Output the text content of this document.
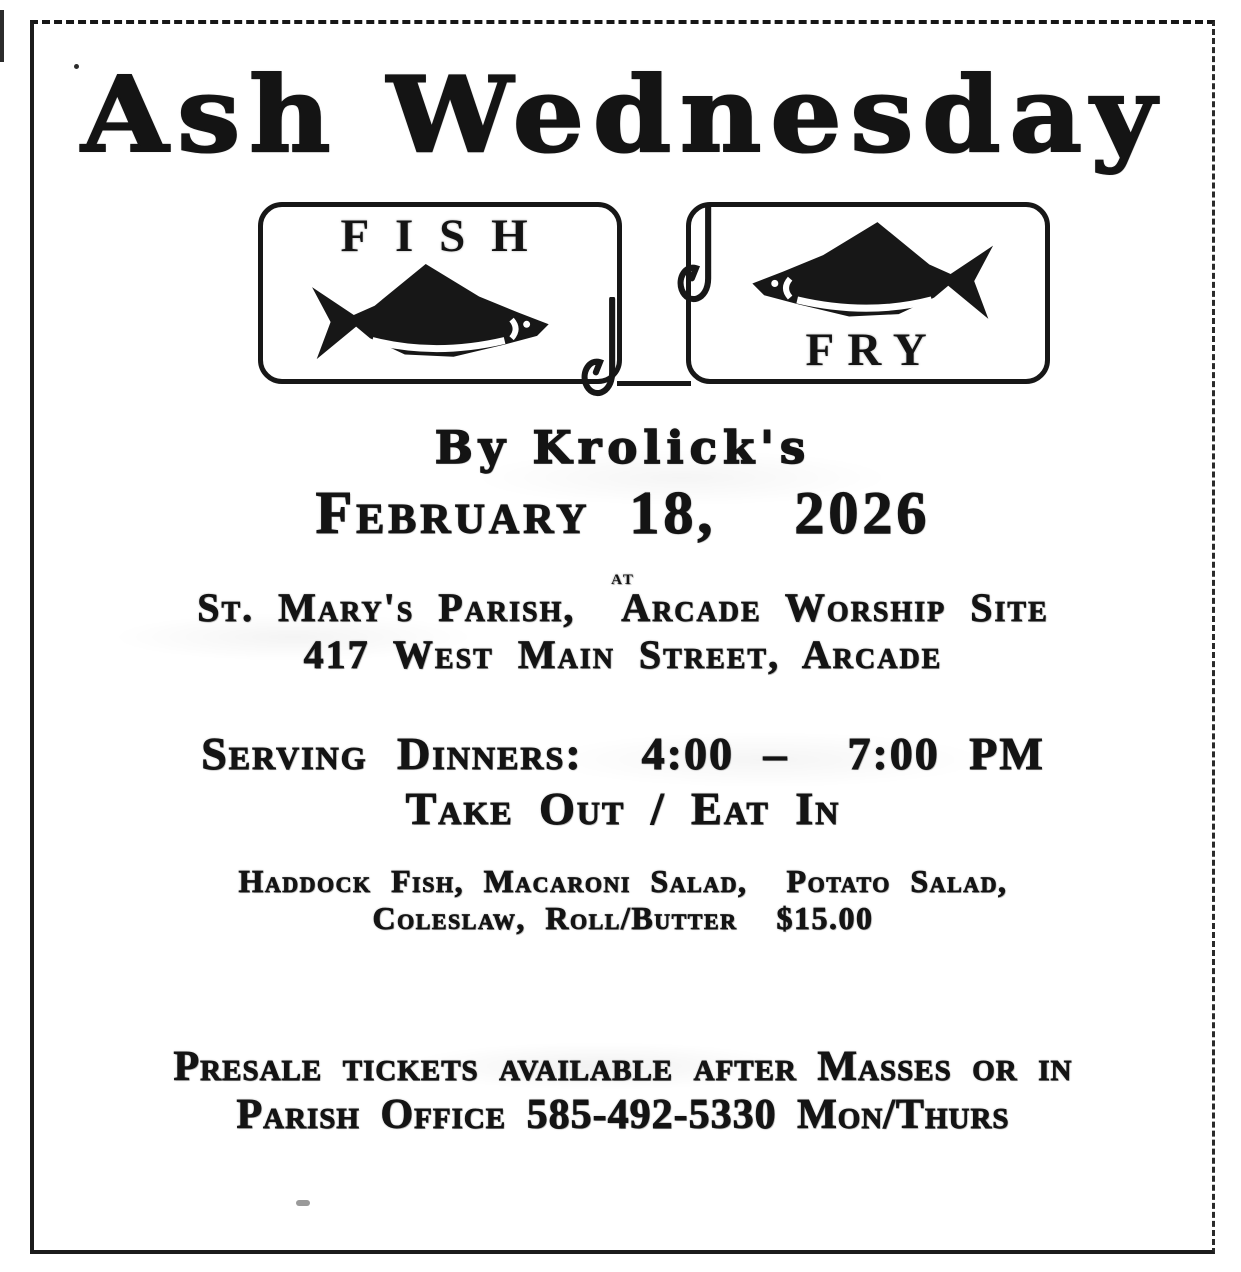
Ash Wednesday
FISH
FRY
By Krolick's
February 18,  2026
at
St. Mary's Parish,  Arcade Worship Site
417 West Main Street, Arcade
Serving Dinners:  4:00 –  7:00 PM
Take Out / Eat In
Haddock Fish, Macaroni Salad,  Potato Salad,
Coleslaw, Roll/Butter  $15.00
Presale tickets available after Masses or in
Parish Office 585-492-5330 Mon/Thurs
